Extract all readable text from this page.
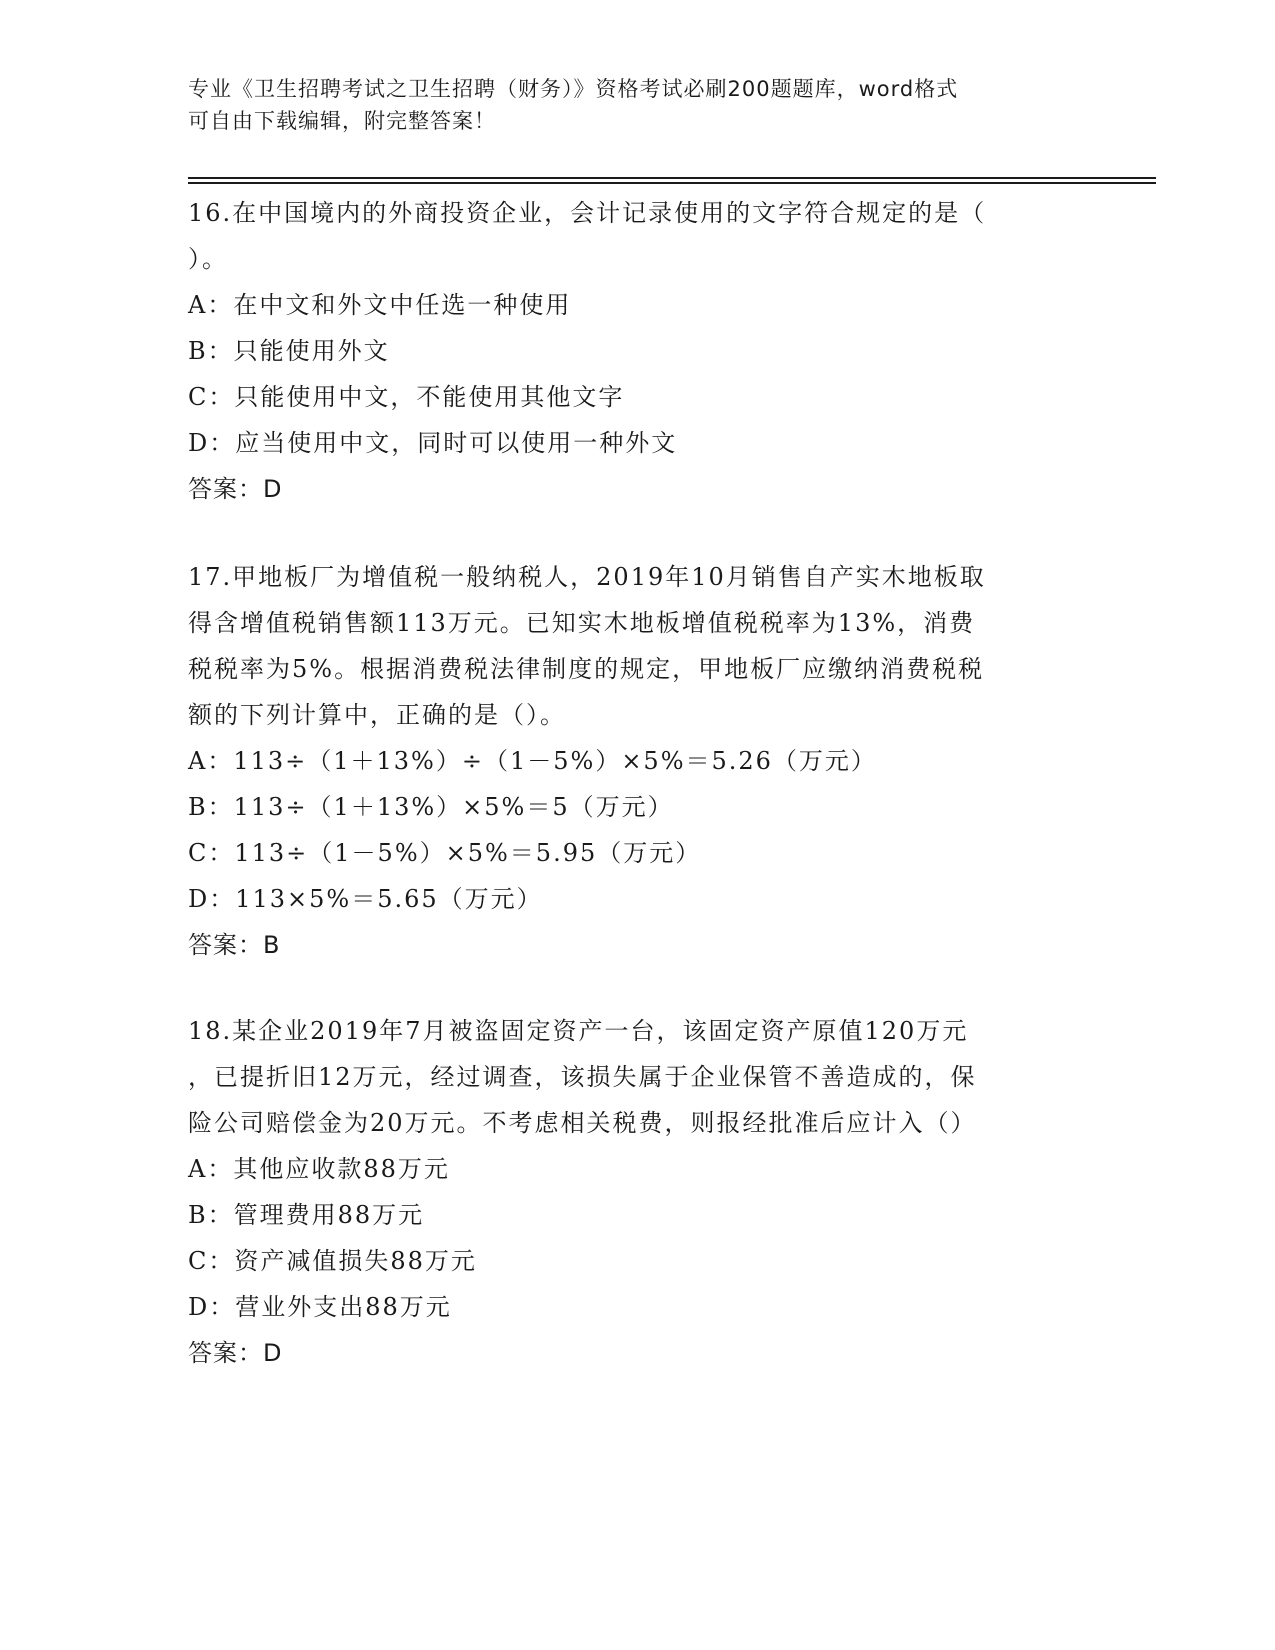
专业《卫生招聘考试之卫生招聘（财务）》资格考试必刷200题题库，word格式

可自由下载编辑，附完整答案！

16.在中国境内的外商投资企业，会计记录使用的文字符合规定的是（
）。

A：在中文和外文中任选一种使用

B：只能使用外文

C：只能使用中文，不能使用其他文字

D：应当使用中文，同时可以使用一种外文

答案：D

17.甲地板厂为增值税一般纳税人，2019年10月销售自产实木地板取
得含增值税销售额113万元。已知实木地板增值税税率为13%，消费
税税率为5%。根据消费税法律制度的规定，甲地板厂应缴纳消费税税
额的下列计算中，正确的是（）。

A：113÷（1＋13%）÷（1－5%）×5%＝5.26（万元）

B：113÷（1＋13%）×5%＝5（万元）

C：113÷（1－5%）×5%＝5.95（万元）

D：113×5%＝5.65（万元）

答案：B

18.某企业2019年7月被盗固定资产一台，该固定资产原值120万元
，已提折旧12万元，经过调查，该损失属于企业保管不善造成的，保
险公司赔偿金为20万元。不考虑相关税费，则报经批准后应计入（）

A：其他应收款88万元

B：管理费用88万元

C：资产减值损失88万元

D：营业外支出88万元

答案：D
